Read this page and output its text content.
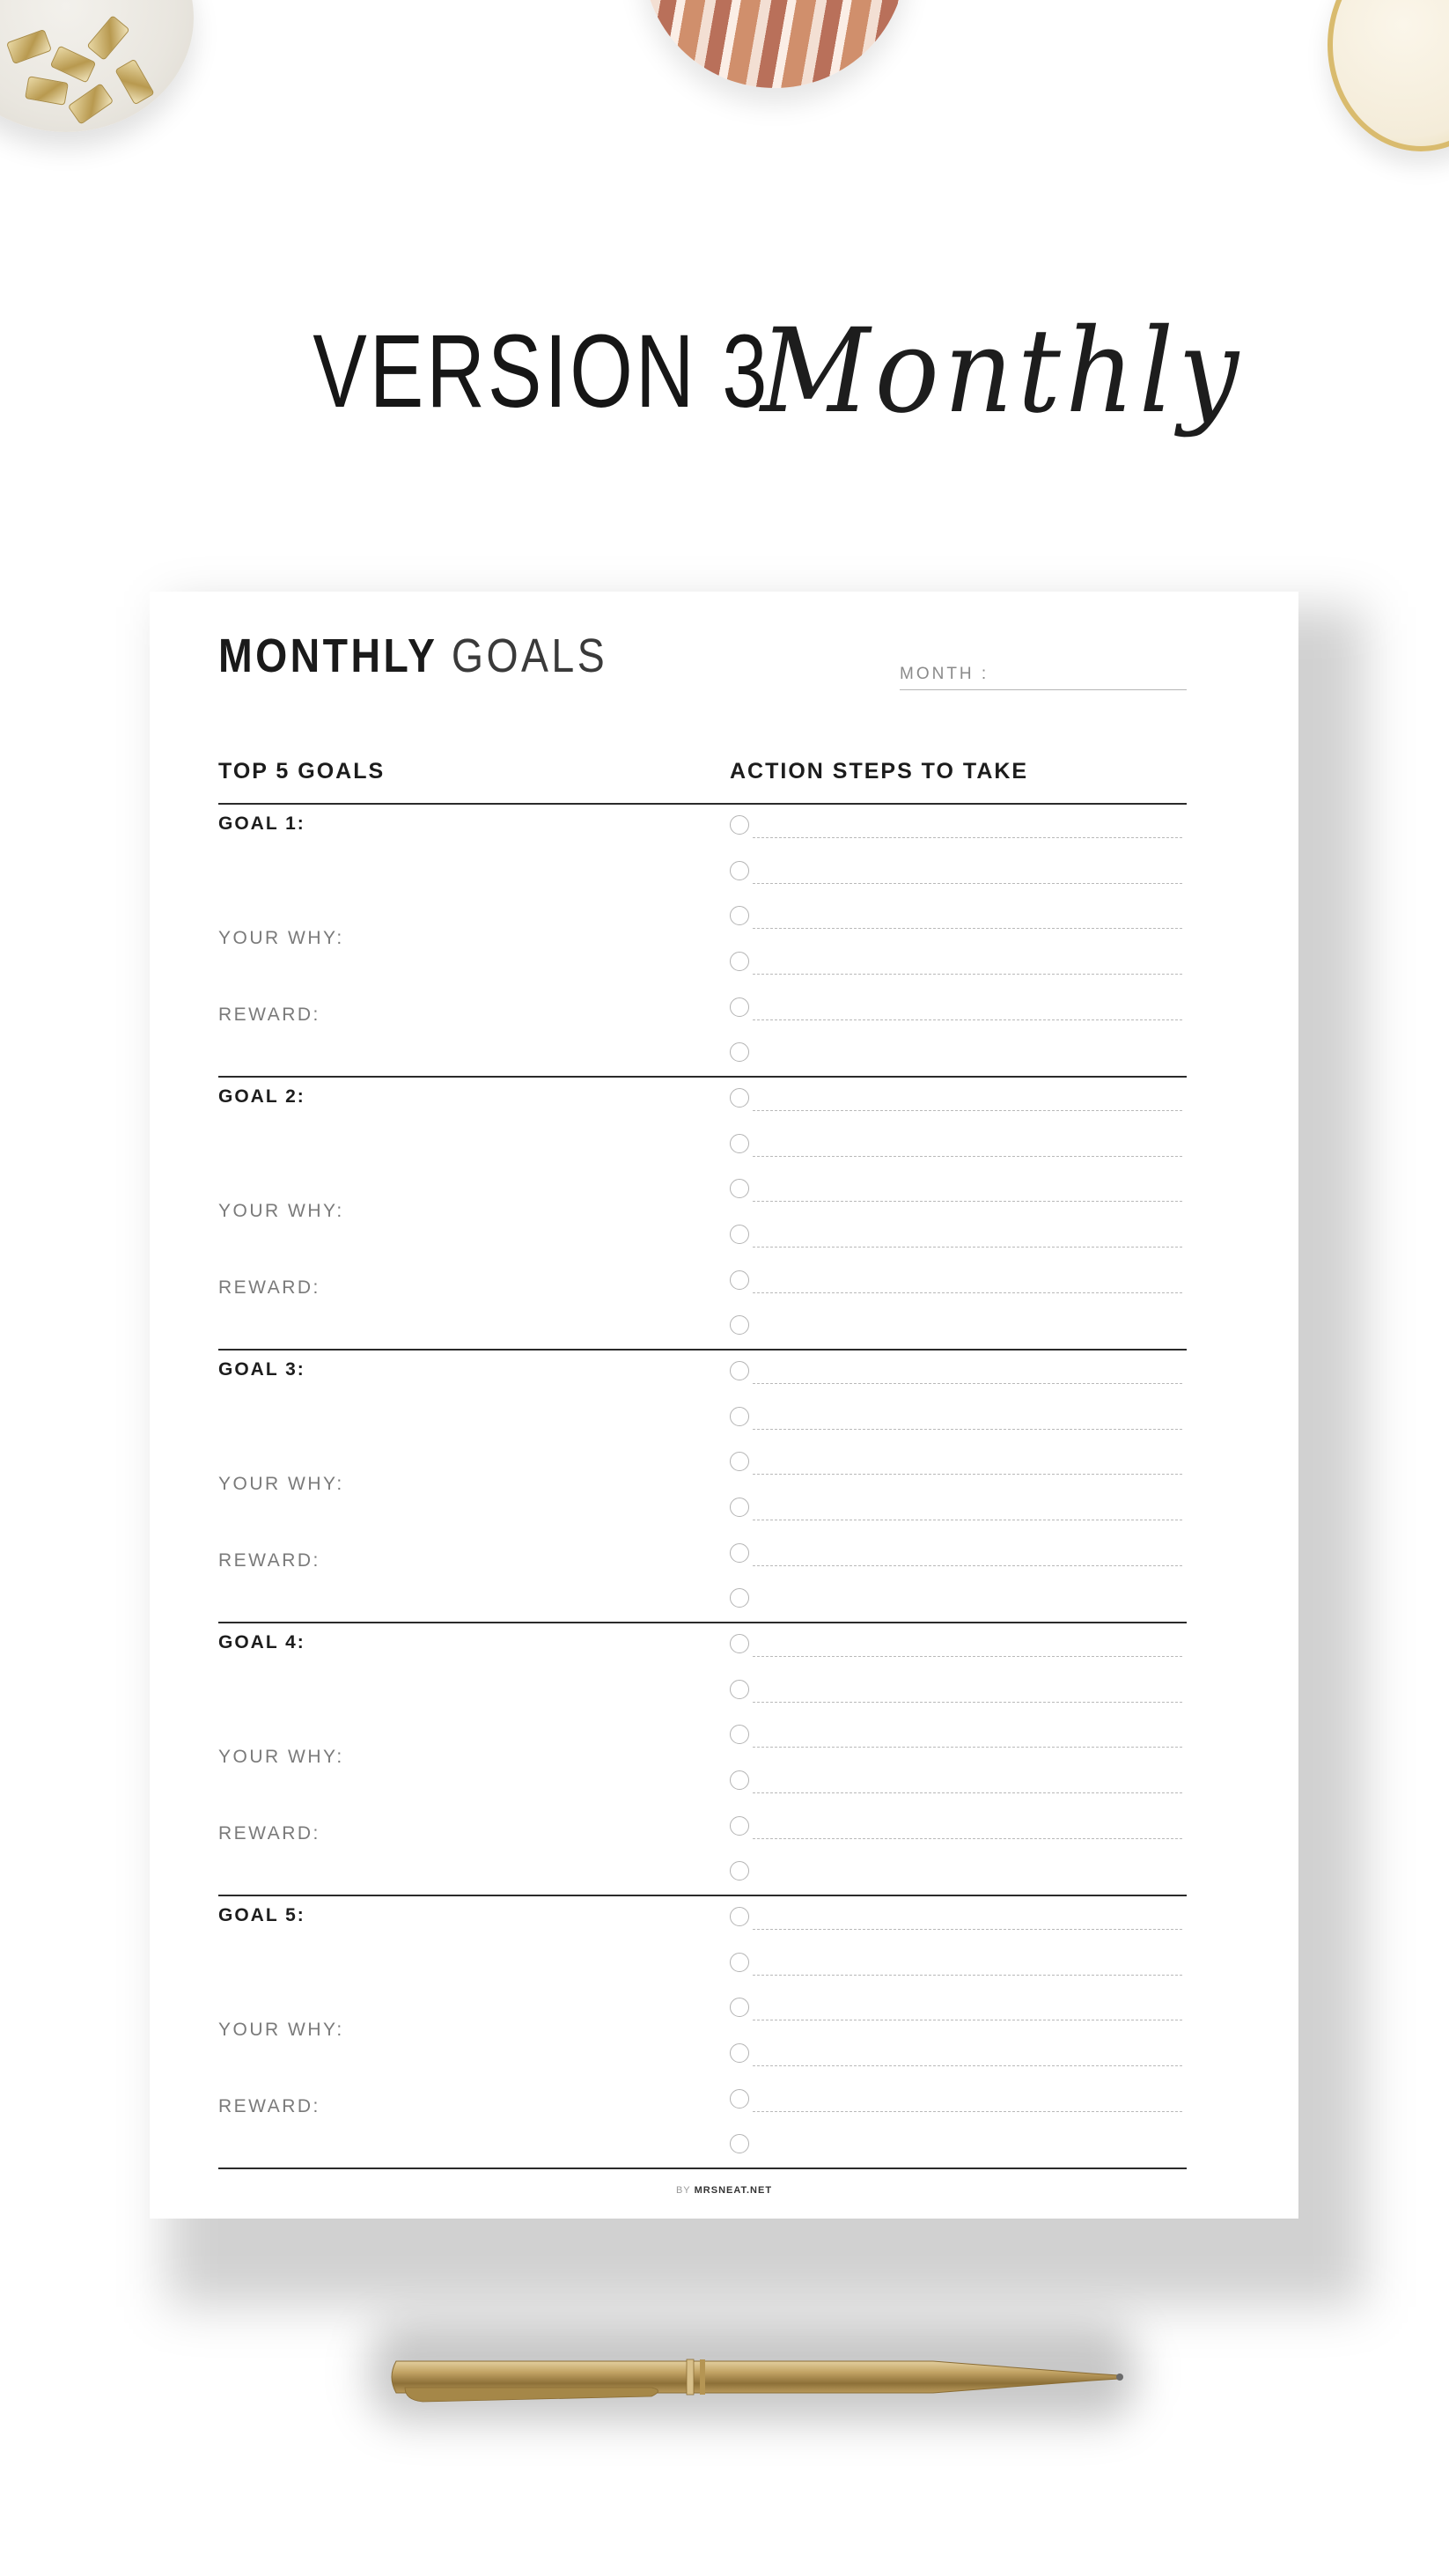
VERSION 3 Monthly
MONTHLY GOALS	MONTH :
TOP 5 GOALS	ACTION STEPS TO TAKE
GOAL 1:
YOUR WHY:
REWARD:
GOAL 2:
YOUR WHY:
REWARD:
GOAL 3:
YOUR WHY:
REWARD:
GOAL 4:
YOUR WHY:
REWARD:
GOAL 5:
YOUR WHY:
REWARD:
BY MRSNEAT.NET
